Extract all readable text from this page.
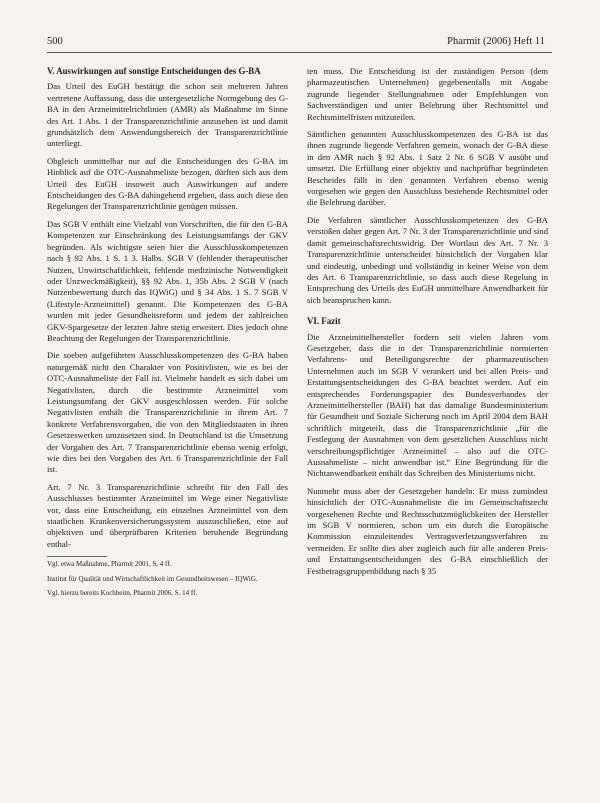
500	Pharmit (2006) Heft 11
V. Auswirkungen auf sonstige Entscheidungen des G-BA

Das Urteil des EuGH bestätigt die schon seit mehreren Jahren vertretene Auffassung, dass die untergesetzliche Normgebung des G-BA in den Arzneimittelrichtlinien (AMR) als Maßnahme im Sinne des Art. 1 Abs. 1 der Transparenzrichtlinie anzusehen ist und damit grundsätzlich dem Anwendungsbereich der Transparenzrichtlinie unterliegt.

Obgleich unmittelbar nur auf die Entscheidungen des G-BA im Hinblick auf die OTC-Ausnahmeliste bezogen, dürften sich aus dem Urteil des EuGH insoweit auch Auswirkungen auf andere Entscheidungen des G-BA dahingehend ergeben, dass auch diese den Regelungen der Transparenzrichtlinie genügen müssen.

Das SGB V enthält eine Vielzahl von Vorschriften, die für den G-BA Kompetenzen zur Einschränkung des Leistungsumfangs der GKV begründen. Als wichtigste seien hier die Ausschlusskompetenzen nach § 92 Abs. 1 S. 1 3. Halbs. SGB V (fehlender therapeutischer Nutzen, Unwirtschaftlichkeit, fehlende medizinische Notwendigkeit oder Unzweckmäßigkeit), §§ 92 Abs. 1, 35b Abs. 2 SGB V (nach Nutzenbewertung durch das IQWiG) und § 34 Abs. 1 S. 7 SGB V (Lifestyle-Arzneimittel) genannt. Die Kompetenzen des G-BA wurden mit jeder Gesundheitsreform und jedem der zahlreichen GKV-Spargesetze der letzten Jahre stetig erweitert. Dies jedoch ohne Beachtung der Regelungen der Transparenzrichtlinie.

Die soeben aufgeführten Ausschlusskompetenzen des G-BA haben naturgemäß nicht den Charakter von Positivlisten, wie es bei der OTC-Ausnahmeliste der Fall ist. Vielmehr handelt es sich dabei um Negativlisten, durch die bestimmte Arzneimittel vom Leistungsumfang der GKV ausgeschlossen werden. Für solche Negativlisten enthält die Transparenzrichtlinie in ihrem Art. 7 konkrete Verfahrensvorgaben, die von den Mitgliedstaaten in ihren Gesetzeswerken umzusetzen sind. In Deutschland ist die Umsetzung der Vorgaben des Art. 7 Transparenzrichtlinie ebenso wenig erfolgt, wie dies bei den Vorgaben des Art. 6 Transparenzrichtlinie der Fall ist.

Art. 7 Nr. 3 Transparenzrichtlinie schreibt für den Fall des Ausschlusses bestimmter Arzneimittel im Wege einer Negativliste vor, dass eine Entscheidung, ein einzelnes Arzneimittel von dem staatlichen Krankenversicherungssystem auszuschließen, eine auf objektiven und überprüfbaren Kriterien beruhende Begründung enthal-

Vgl. etwa Maßnahme, Pharmit 2001, S. 4 ff.

Institut für Qualität und Wirtschaftlichkeit im Gesundheitswesen – IQWiG.

Vgl. hierzu bereits Kochheim, Pharmit 2006, S. 14 ff.

ten muss. Die Entscheidung ist der zuständigen Person (dem pharmazeutischen Unternehmen) gegebenenfalls mit Angabe zugrunde liegender Stellungnahmen oder Empfehlungen von Sachverständigen und unter Belehrung über Rechtsmittel und Rechtsmittelfristen mitzuteilen.

Sämtlichen genannten Ausschlusskompetenzen des G-BA ist das ihnen zugrunde liegende Verfahren gemein, wonach der G-BA diese in den AMR nach § 92 Abs. 1 Satz 2 Nr. 6 SGB V ausübt und umsetzt. Die Erfüllung einer objektiv und nachprüfbar begründeten Bescheides fällt in den genannten Verfahren ebenso wenig vorgesehen wie gegen den Ausschluss bestehende Rechtsmittel oder die Belehrung darüber.

Die Verfahren sämtlicher Ausschlusskompetenzen des G-BA verstoßen daher gegen Art. 7 Nr. 3 der Transparenzrichtlinie und sind damit gemeinschaftsrechtswidrig. Der Wortlaut des Art. 7 Nr. 3 Transparenzrichtlinie unterscheidet hinsichtlich der Vorgaben klar und eindeutig, unbedingt und vollständig in keiner Weise von dem des Art. 6 Transparenzrichtlinie, so dass auch diese Regelung in Entsprechung des Urteils des EuGH unmittelbare Anwendbarkeit für sich beanspruchen kann.

VI. Fazit

Die Arzneimittelhersteller fordern seit vielen Jahren vom Gesetzgeber, dass die in der Transparenzrichtlinie normierten Verfahrens- und Beteiligungsrechte der pharmazeutischen Unternehmen auch im SGB V verankert und bei allen Preis- und Erstattungsentscheidungen des G-BA beachtet werden. Auf ein entsprechendes Forderungspapier des Bundesverbandes der Arzneimittelhersteller (BAH) hat das damalige Bundesministerium für Gesundheit und Soziale Sicherung noch im April 2004 dem BAH schriftlich mitgeteilt, dass die Transparenzrichtlinie „für die Festlegung der Ausnahmen von dem gesetzlichen Ausschluss nicht verschreibungspflichtiger Arzneimittel – also auf die OTC-Ausnahmeliste – nicht anwendbar ist.“ Eine Begründung für die Nichtanwendbarkeit enthält das Schreiben des Ministeriums nicht.

Nunmehr muss aber der Gesetzgeber handeln: Er muss zumindest hinsichtlich der OTC-Ausnahmeliste die im Gemeinschaftsrecht vorgesehenen Rechte und Rechtsschutzmöglichkeiten der Hersteller im SGB V normieren, schon um ein durch die Europäische Kommission einzuleitendes Vertragsverletzungsverfahren zu vermeiden. Er sollte dies aber zugleich auch für alle anderen Preis- und Erstattungsentscheidungen des G-BA einschließlich der Festbetragsgruppenbildung nach § 35
